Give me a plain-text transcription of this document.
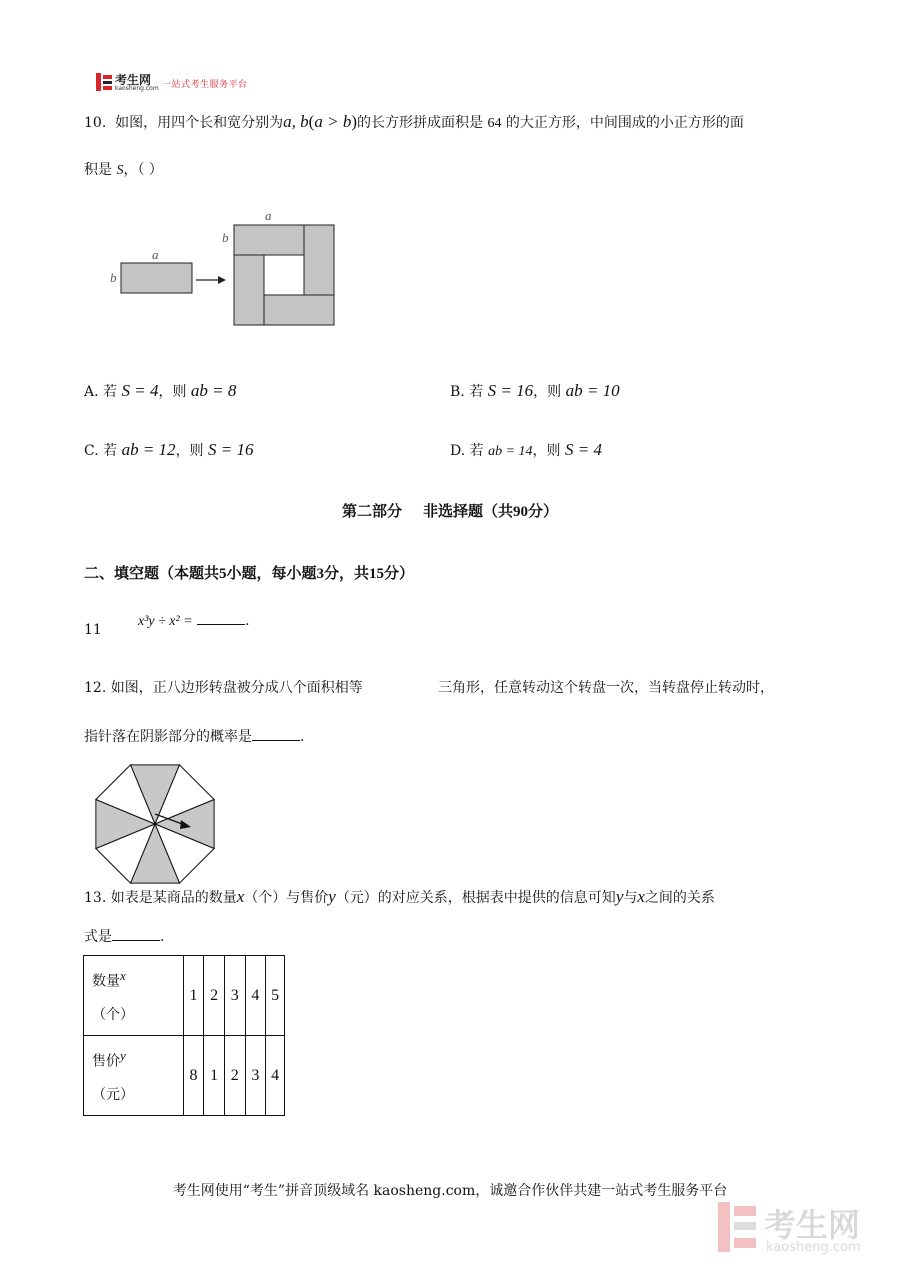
考生网
kaosheng.com 一站式考生服务平台
10. 如图，用四个长和宽分别为a, b(a > b)的长方形拼成面积是 64 的大正方形，中间围成的小正方形的面
积是 S，（ ）
a
b
a
b
A. 若 S = 4，则 ab = 8	B. 若 S = 16，则 ab = 10
C. 若 ab = 12，则 S = 16	D. 若 ab = 14，则 S = 4
第二部分 非选择题（共90分）
二、填空题（本题共5小题，每小题3分，共15分）
11
x³y ÷ x² =	.
12. 如图，正八边形转盘被分成八个面积相等	三角形，任意转动这个转盘一次，当转盘停止转动时，
指针落在阴影部分的概率是	.
13. 如表是某商品的数量x（个）与售价y（元）的对应关系，根据表中提供的信息可知y与x之间的关系
式是	.
数量x
（个）	1	2	3	4	5
售价y
（元）	8	1	2	3	4
考生网使用“考生”拼音顶级域名 kaosheng.com，诚邀合作伙伴共建一站式考生服务平台
考生网
kaosheng.com
